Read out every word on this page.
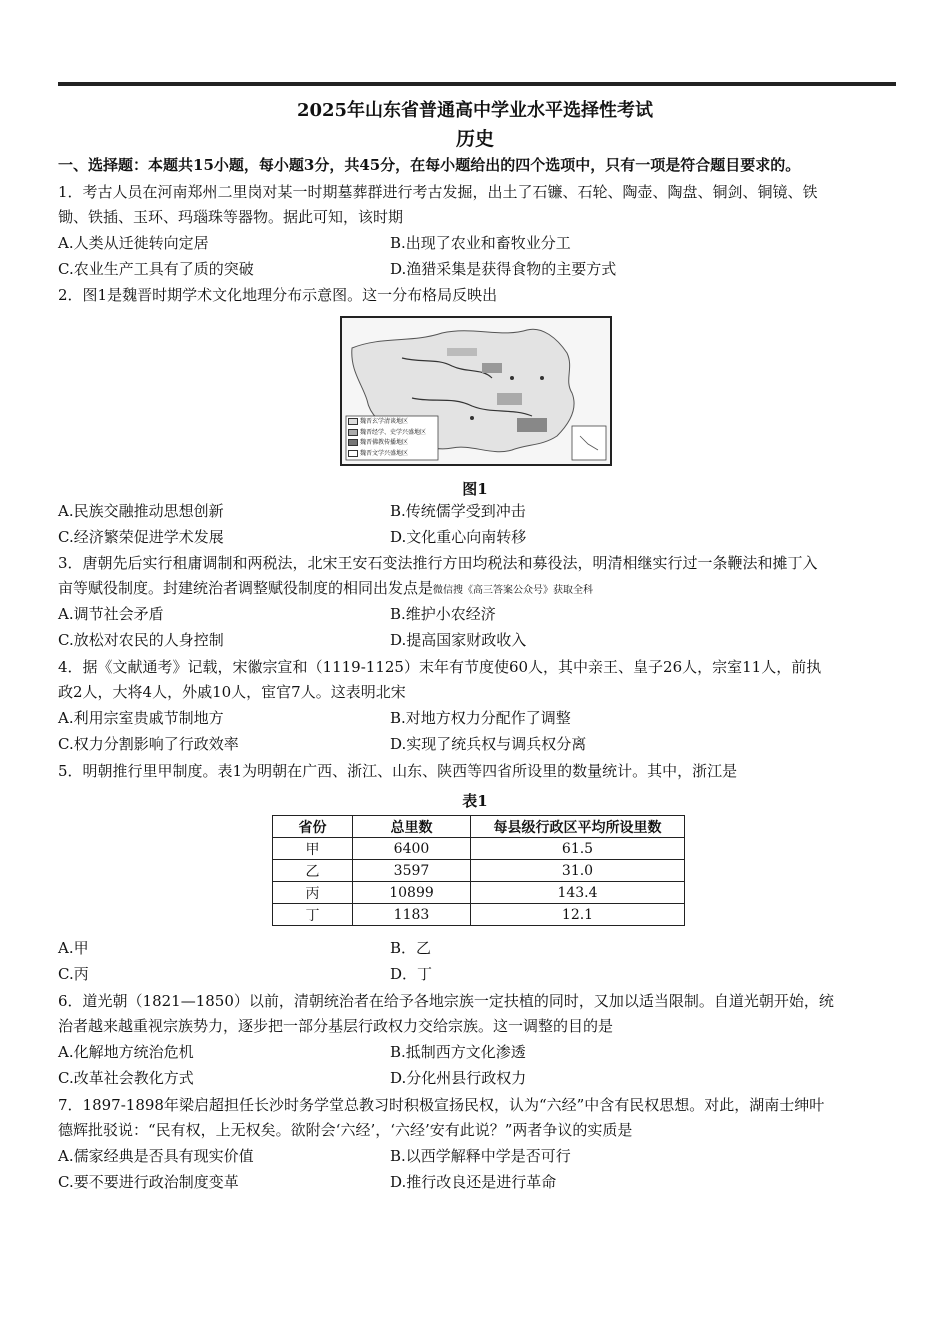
2025年山东省普通高中学业水平选择性考试
历史
一、选择题：本题共15小题，每小题3分，共45分，在每小题给出的四个选项中，只有一项是符合题目要求的。
1．考古人员在河南郑州二里岗对某一时期墓葬群进行考古发掘，出土了石镰、石轮、陶壶、陶盘、铜剑、铜镜、铁
锄、铁插、玉环、玛瑙珠等器物。据此可知，该时期
A.人类从迁徙转向定居	B.出现了农业和畜牧业分工
C.农业生产工具有了质的突破	D.渔猎采集是获得食物的主要方式
2．图1是魏晋时期学术文化地理分布示意图。这一分布格局反映出
魏晋玄学清谈地区
魏晋经学、史学兴盛地区
魏晋佛教传播地区
魏晋文学兴盛地区
图1
A.民族交融推动思想创新	B.传统儒学受到冲击
C.经济繁荣促进学术发展	D.文化重心向南转移
3．唐朝先后实行租庸调制和两税法，北宋王安石变法推行方田均税法和募役法，明清相继实行过一条鞭法和摊丁入
亩等赋役制度。封建统治者调整赋役制度的相同出发点是微信搜《高三答案公众号》获取全科
A.调节社会矛盾	B.维护小农经济
C.放松对农民的人身控制	D.提高国家财政收入
4．据《文献通考》记载，宋徽宗宣和（1119-1125）末年有节度使60人，其中亲王、皇子26人，宗室11人，前执
政2人，大将4人，外戚10人，宦官7人。这表明北宋
A.利用宗室贵戚节制地方	B.对地方权力分配作了调整
C.权力分割影响了行政效率	D.实现了统兵权与调兵权分离
5．明朝推行里甲制度。表1为明朝在广西、浙江、山东、陕西等四省所设里的数量统计。其中，浙江是
表1
省份	总里数	每县级行政区平均所设里数
甲	6400	61.5
乙	3597	31.0
丙	10899	143.4
丁	1183	12.1
A.甲	B．乙
C.丙	D．丁
6．道光朝（1821—1850）以前，清朝统治者在给予各地宗族一定扶植的同时，又加以适当限制。自道光朝开始，统
治者越来越重视宗族势力，逐步把一部分基层行政权力交给宗族。这一调整的目的是
A.化解地方统治危机	B.抵制西方文化渗透
C.改革社会教化方式	D.分化州县行政权力
7．1897-1898年梁启超担任长沙时务学堂总教习时积极宣扬民权，认为“六经”中含有民权思想。对此，湖南士绅叶
德辉批驳说：“民有权，上无权矣。欲附会‘六经’，‘六经’安有此说？”两者争议的实质是
A.儒家经典是否具有现实价值	B.以西学解释中学是否可行
C.要不要进行政治制度变革	D.推行改良还是进行革命
